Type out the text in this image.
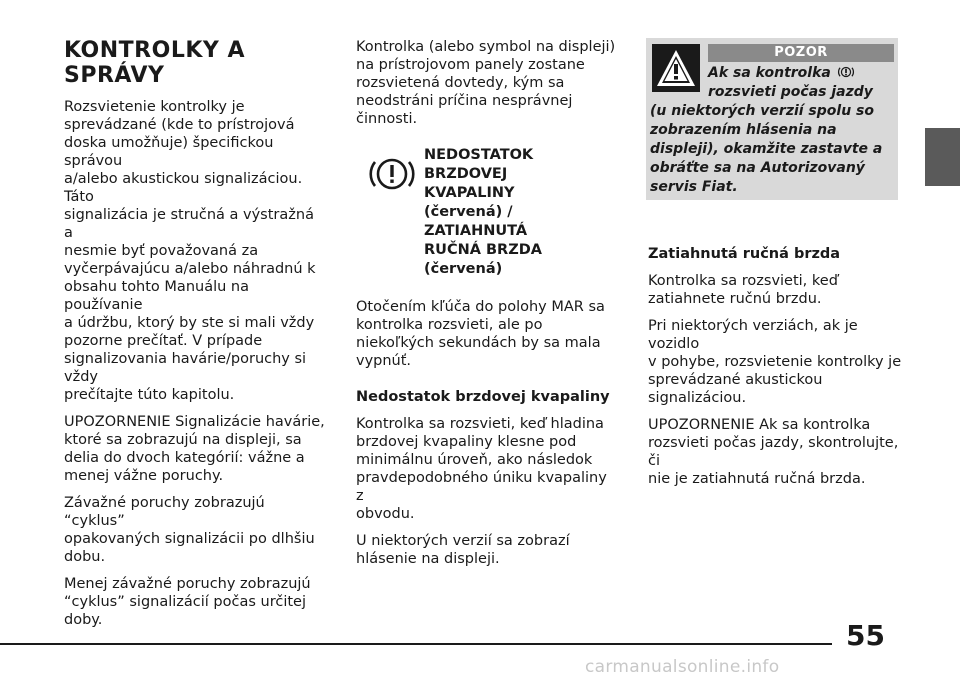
KONTROLKY A
SPRÁVY

Rozsvietenie kontrolky je
sprevádzané (kde to prístrojová
doska umožňuje) špecifickou správou
a/alebo akustickou signalizáciou. Táto
signalizácia je stručná a výstražná a
nesmie byť považovaná za
vyčerpávajúcu a/alebo náhradnú k
obsahu tohto Manuálu na používanie
a údržbu, ktorý by ste si mali vždy
pozorne prečítať. V prípade
signalizovania havárie/poruchy si vždy
prečítajte túto kapitolu.

UPOZORNENIE Signalizácie havárie,
ktoré sa zobrazujú na displeji, sa
delia do dvoch kategórií: vážne a
menej vážne poruchy.

Závažné poruchy zobrazujú “cyklus”
opakovaných signalizácii po dlhšiu
dobu.

Menej závažné poruchy zobrazujú
“cyklus” signalizácií počas určitej
doby.

Kontrolka (alebo symbol na displeji)
na prístrojovom panely zostane
rozsvietená dovtedy, kým sa
neodstráni príčina nesprávnej
činnosti.

NEDOSTATOK
BRZDOVEJ
KVAPALINY
(červená) /
ZATIAHNUTÁ
RUČNÁ BRZDA
(červená)

Otočením kľúča do polohy MAR sa
kontrolka rozsvieti, ale po
niekoľkých sekundách by sa mala
vypnúť.

Nedostatok brzdovej kvapaliny

Kontrolka sa rozsvieti, keď hladina
brzdovej kvapaliny klesne pod
minimálnu úroveň, ako následok
pravdepodobného úniku kvapaliny z
obvodu.

U niektorých verzií sa zobrazí
hlásenie na displeji.

POZOR
Ak sa kontrolka
rozsvieti počas jazdy
(u niektorých verzií spolu so zobrazením hlásenia na displeji), okamžite zastavte a obráťte sa na Autorizovaný servis Fiat.

Zatiahnutá ručná brzda

Kontrolka sa rozsvieti, keď
zatiahnete ručnú brzdu.

Pri niektorých verziách, ak je vozidlo
v pohybe, rozsvietenie kontrolky je
sprevádzané akustickou signalizáciou.

UPOZORNENIE Ak sa kontrolka
rozsvieti počas jazdy, skontrolujte, či
nie je zatiahnutá ručná brzda.

55
carmanualsonline.info
